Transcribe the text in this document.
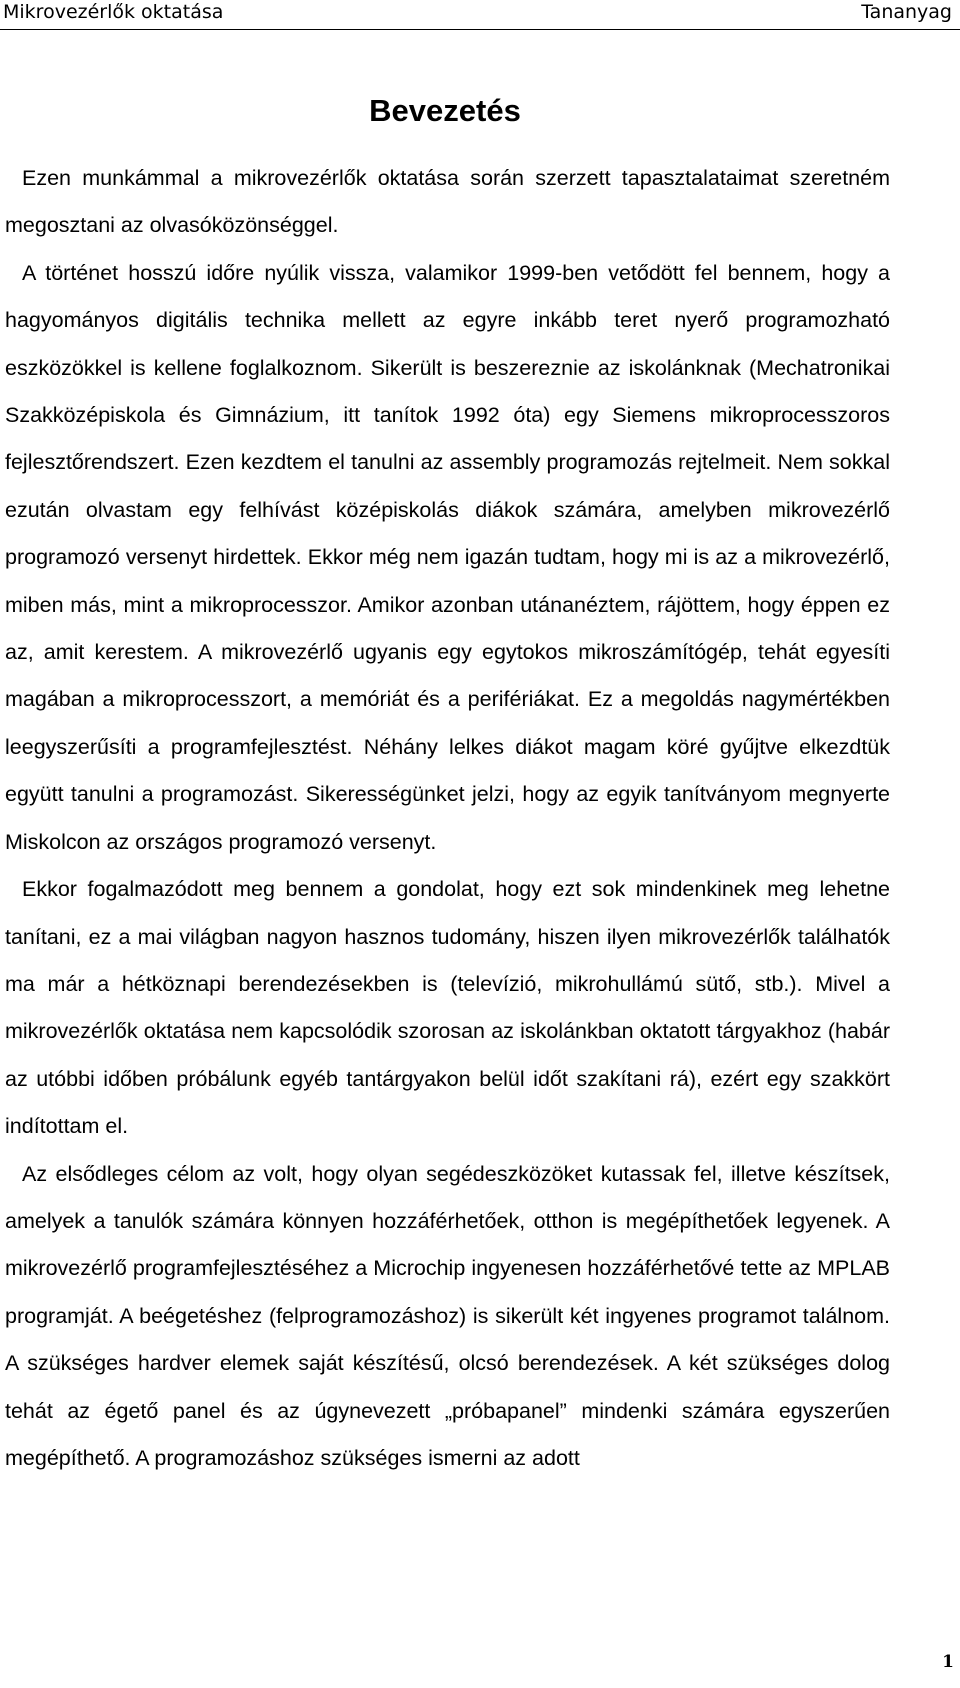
Mikrovezérlők oktatása	Tananyag
Bevezetés

Ezen munkámmal a mikrovezérlők oktatása során szerzett tapasztalataimat szeretném megosztani az olvasóközönséggel.

A történet hosszú időre nyúlik vissza, valamikor 1999-ben vetődött fel bennem, hogy a hagyományos digitális technika mellett az egyre inkább teret nyerő programozható eszközökkel is kellene foglalkoznom. Sikerült is beszereznie az iskolánknak (Mechatronikai Szakközépiskola és Gimnázium, itt tanítok 1992 óta) egy Siemens mikroprocesszoros fejlesztőrendszert. Ezen kezdtem el tanulni az assembly programozás rejtelmeit. Nem sokkal ezután olvastam egy felhívást középiskolás diákok számára, amelyben mikrovezérlő programozó versenyt hirdettek. Ekkor még nem igazán tudtam, hogy mi is az a mikrovezérlő, miben más, mint a mikroprocesszor. Amikor azonban utánanéztem, rájöttem, hogy éppen ez az, amit kerestem. A mikrovezérlő ugyanis egy egytokos mikroszámítógép, tehát egyesíti magában a mikroprocesszort, a memóriát és a perifériákat. Ez a megoldás nagymértékben leegyszerűsíti a programfejlesztést. Néhány lelkes diákot magam köré gyűjtve elkezdtük együtt tanulni a programozást. Sikerességünket jelzi, hogy az egyik tanítványom megnyerte Miskolcon az országos programozó versenyt.

Ekkor fogalmazódott meg bennem a gondolat, hogy ezt sok mindenkinek meg lehetne tanítani, ez a mai világban nagyon hasznos tudomány, hiszen ilyen mikrovezérlők találhatók ma már a hétköznapi berendezésekben is (televízió, mikrohullámú sütő, stb.). Mivel a mikrovezérlők oktatása nem kapcsolódik szorosan az iskolánkban oktatott tárgyakhoz (habár az utóbbi időben próbálunk egyéb tantárgyakon belül időt szakítani rá), ezért egy szakkört indítottam el.

Az elsődleges célom az volt, hogy olyan segédeszközöket kutassak fel, illetve készítsek, amelyek a tanulók számára könnyen hozzáférhetőek, otthon is megépíthetőek legyenek. A mikrovezérlő programfejlesztéséhez a Microchip ingyenesen hozzáférhetővé tette az MPLAB programját. A beégetéshez (felprogramozáshoz) is sikerült két ingyenes programot találnom. A szükséges hardver elemek saját készítésű, olcsó berendezések. A két szükséges dolog tehát az égető panel és az úgynevezett „próbapanel” mindenki számára egyszerűen megépíthető. A programozáshoz szükséges ismerni az adott

1
